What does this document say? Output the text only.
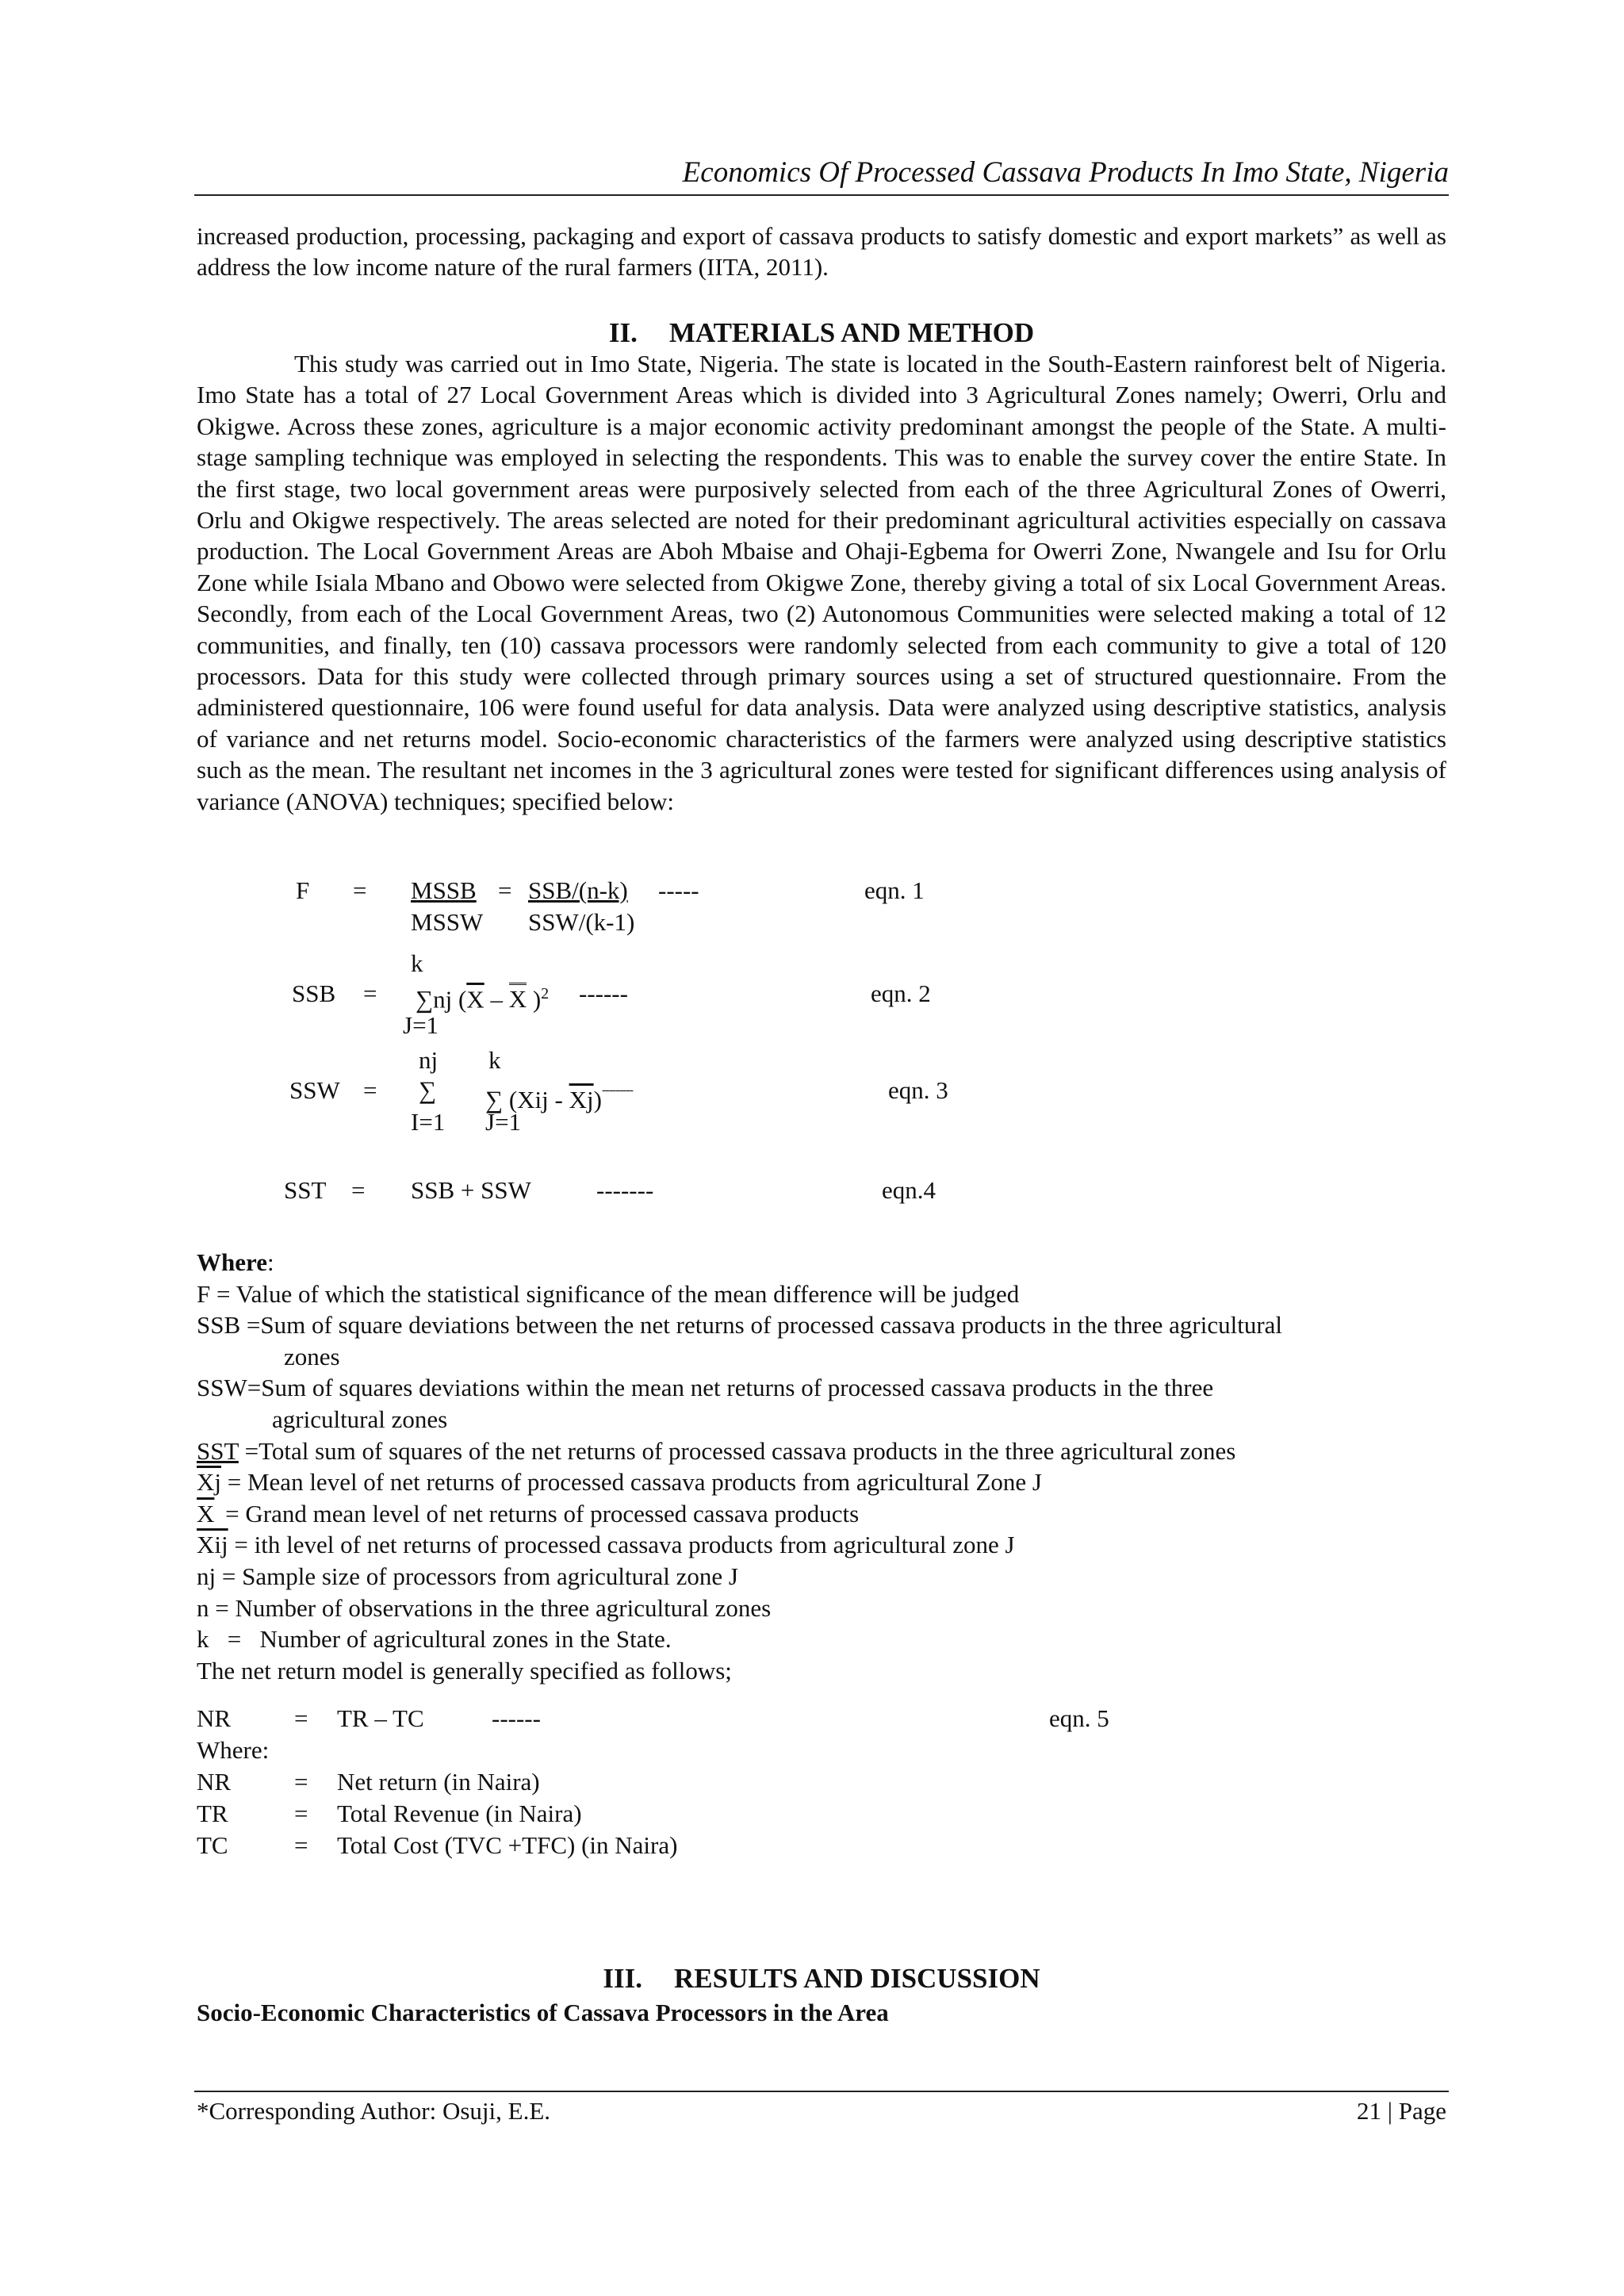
Economics Of Processed Cassava Products In Imo State, Nigeria

increased production, processing, packaging and export of cassava products to satisfy domestic and export markets” as well as address the low income nature of the rural farmers (IITA, 2011).

II. MATERIALS AND METHOD

This study was carried out in Imo State, Nigeria. The state is located in the South-Eastern rainforest belt of Nigeria. Imo State has a total of 27 Local Government Areas which is divided into 3 Agricultural Zones namely; Owerri, Orlu and Okigwe. Across these zones, agriculture is a major economic activity predominant amongst the people of the State. A multi-stage sampling technique was employed in selecting the respondents. This was to enable the survey cover the entire State. In the first stage, two local government areas were purposively selected from each of the three Agricultural Zones of Owerri, Orlu and Okigwe respectively. The areas selected are noted for their predominant agricultural activities especially on cassava production. The Local Government Areas are Aboh Mbaise and Ohaji-Egbema for Owerri Zone, Nwangele and Isu for Orlu Zone while Isiala Mbano and Obowo were selected from Okigwe Zone, thereby giving a total of six Local Government Areas. Secondly, from each of the Local Government Areas, two (2) Autonomous Communities were selected making a total of 12 communities, and finally, ten (10) cassava processors were randomly selected from each community to give a total of 120 processors. Data for this study were collected through primary sources using a set of structured questionnaire. From the administered questionnaire, 106 were found useful for data analysis. Data were analyzed using descriptive statistics, analysis of variance and net returns model. Socio-economic characteristics of the farmers were analyzed using descriptive statistics such as the mean. The resultant net incomes in the 3 agricultural zones were tested for significant differences using analysis of variance (ANOVA) techniques; specified below:

F = MSSB = SSB/(n-k) -----
MSSW SSW/(k-1)
eqn. 1
k
SSB = ∑nj ($\overline{X}$ – X )$^2$ ------
J=1
eqn. 2
nj k
SSW = ∑ ∑ $(Xij - \overline{Xj})^{---------}$
I=1 J=1
eqn. 3
SST = SSB + SSW	-------	eqn.4
Where:
F = Value of which the statistical significance of the mean difference will be judged
SSB =Sum of square deviations between the net returns of processed cassava products in the three agricultural
zones
SSW=Sum of squares deviations within the mean net returns of processed cassava products in the three
agricultural zones
SST =Total sum of squares of the net returns of processed cassava products in the three agricultural zones
$\overline{Xj}$ = Mean level of net returns of processed cassava products from agricultural Zone J
$\overline{X}$ = Grand mean level of net returns of processed cassava products
$\overline{Xij}$ = ith level of net returns of processed cassava products from agricultural zone J
nj = Sample size of processors from agricultural zone J
n = Number of observations in the three agricultural zones
k   =   Number of agricultural zones in the State.
The net return model is generally specified as follows;
NR	= TR – TC	------	eqn. 5
Where:
NR	= Net return (in Naira)
TR	= Total Revenue (in Naira)
TC	= Total Cost (TVC +TFC) (in Naira)
III. RESULTS AND DISCUSSION
Socio-Economic Characteristics of Cassava Processors in the Area
*Corresponding Author: Osuji, E.E.	21 | Page
